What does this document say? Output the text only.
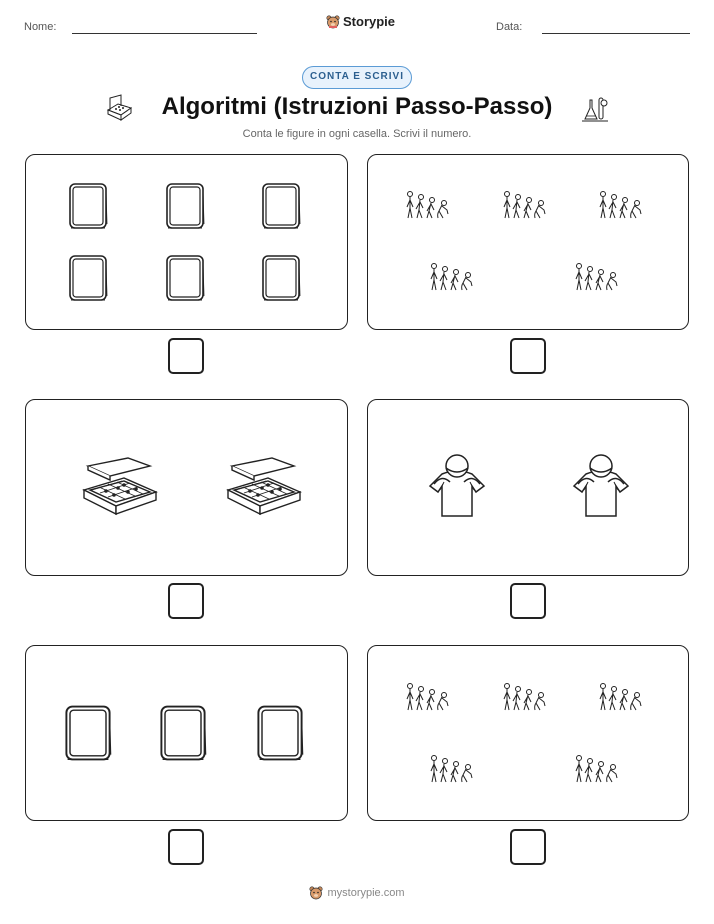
Nome:	Storypie	Data:
CONTA E SCRIVI
Algoritmi (Istruzioni Passo-Passo)
Conta le figure in ogni casella. Scrivi il numero.
mystorypie.com
